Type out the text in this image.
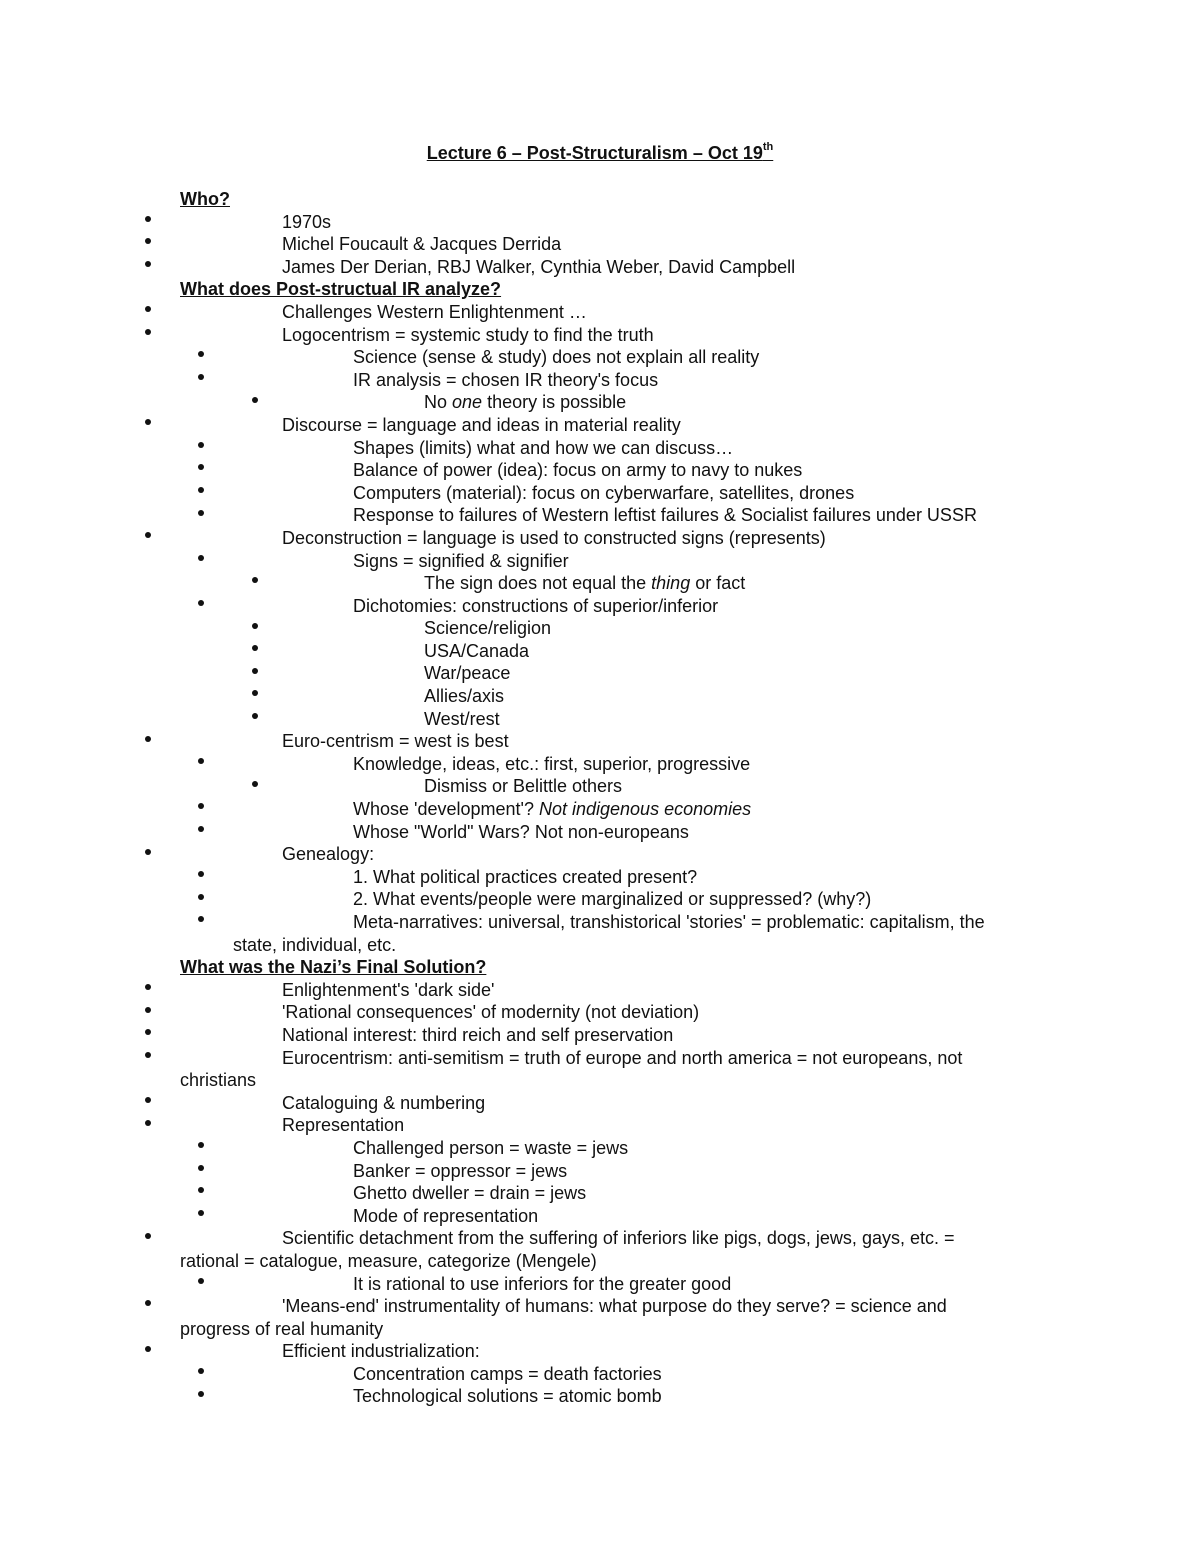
Lecture 6 – Post-Structuralism – Oct 19th
Who?
1970s
Michel Foucault & Jacques Derrida
James Der Derian, RBJ Walker, Cynthia Weber, David Campbell
What does Post-structual IR analyze?
Challenges Western Enlightenment …
Logocentrism = systemic study to find the truth
Science (sense & study) does not explain all reality
IR analysis = chosen IR theory's focus
No one theory is possible
Discourse = language and ideas in material reality
Shapes (limits) what and how we can discuss…
Balance of power (idea): focus on army to navy to nukes
Computers (material): focus on cyberwarfare, satellites, drones
Response to failures of Western leftist failures & Socialist failures under USSR
Deconstruction = language is used to constructed signs (represents)
Signs = signified & signifier
The sign does not equal the thing or fact
Dichotomies: constructions of superior/inferior
Science/religion
USA/Canada
War/peace
Allies/axis
West/rest
Euro-centrism = west is best
Knowledge, ideas, etc.: first, superior, progressive
Dismiss or Belittle others
Whose 'development'? Not indigenous economies
Whose "World" Wars? Not non-europeans
Genealogy:
1. What political practices created present?
2. What events/people were marginalized or suppressed? (why?)
Meta-narratives: universal, transhistorical 'stories' = problematic: capitalism, the
state, individual, etc.
What was the Nazi’s Final Solution?
Enlightenment's 'dark side'
'Rational consequences' of modernity (not deviation)
National interest: third reich and self preservation
Eurocentrism: anti-semitism = truth of europe and north america = not europeans, not
christians
Cataloguing & numbering
Representation
Challenged person = waste = jews
Banker = oppressor = jews
Ghetto dweller = drain = jews
Mode of representation
Scientific detachment from the suffering of inferiors like pigs, dogs, jews, gays, etc. =
rational = catalogue, measure, categorize (Mengele)
It is rational to use inferiors for the greater good
'Means-end' instrumentality of humans: what purpose do they serve? = science and
progress of real humanity
Efficient industrialization:
Concentration camps = death factories
Technological solutions = atomic bomb
